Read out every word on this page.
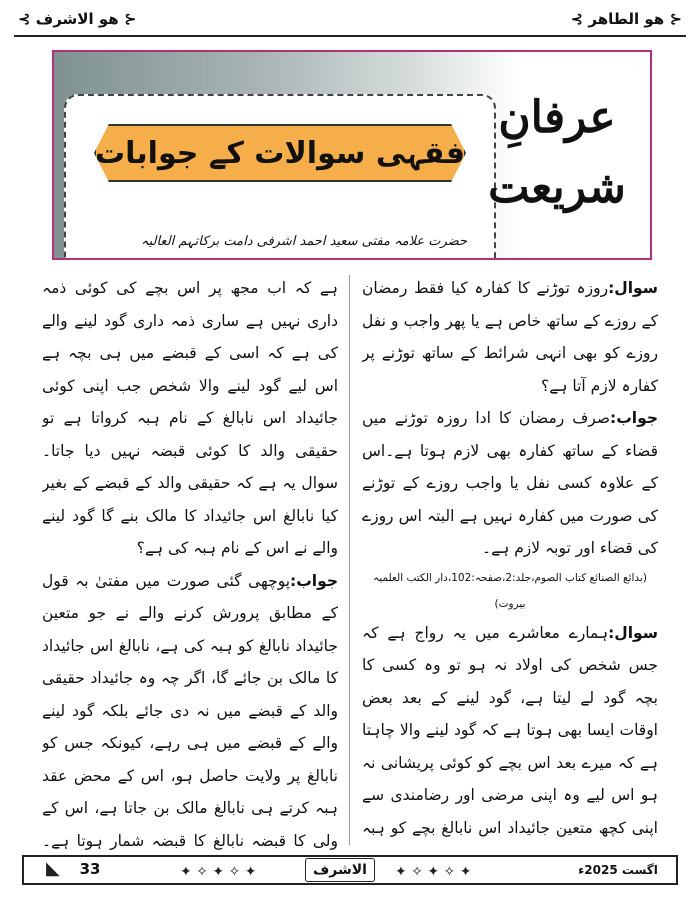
⊰ هو الطاھر ⊱
⊰ هو الاشرف ⊱
فقہی سوالات کے جوابات
عرفانِ
شریعت
حضرت علامہ مفتی سعید احمد اشرفی دامت برکاتہم العالیہ

سوال:روزہ توڑنے کا کفارہ کیا فقط رمضان کے روزے کے ساتھ خاص ہے یا پھر واجب و نفل روزے کو بھی انہی شرائط کے ساتھ توڑنے پر کفارہ لازم آتا ہے؟

جواب:صرف رمضان کا ادا روزہ توڑنے میں قضاء کے ساتھ کفارہ بھی لازم ہوتا ہے۔اس کے علاوہ کسی نفل یا واجب روزے کے توڑنے کی صورت میں کفارہ نہیں ہے البتہ اس روزے کی قضاء اور توبہ لازم ہے۔

(بدائع الصنائع کتاب الصوم،جلد:2،صفحہ:102،دار الکتب العلمیہ بیروت)

سوال:ہمارے معاشرے میں یہ رواج ہے کہ جس شخص کی اولاد نہ ہو تو وہ کسی کا بچہ گود لے لیتا ہے، گود لینے کے بعد بعض اوقات ایسا بھی ہوتا ہے کہ گود لینے والا چاہتا ہے کہ میرے بعد اس بچے کو کوئی پریشانی نہ ہو اس لیے وہ اپنی مرضی اور رضامندی سے اپنی کچھ متعین جائیداد اس نابالغ بچے کو ہبہ

ہے کہ اب مجھ پر اس بچے کی کوئی ذمہ داری نہیں ہے ساری ذمہ داری گود لینے والے کی ہے کہ اسی کے قبضے میں ہی بچہ ہے اس لیے گود لینے والا شخص جب اپنی کوئی جائیداد اس نابالغ کے نام ہبہ کرواتا ہے تو حقیقی والد کا کوئی قبضہ نہیں دیا جاتا۔سوال یہ ہے کہ حقیقی والد کے قبضے کے بغیر کیا نابالغ اس جائیداد کا مالک بنے گا گود لینے والے نے اس کے نام ہبہ کی ہے؟

جواب:پوچھی گئی صورت میں مفتیٰ بہ قول کے مطابق پرورش کرنے والے نے جو متعین جائیداد نابالغ کو ہبہ کی ہے، نابالغ اس جائیداد کا مالک بن جائے گا، اگر چہ وہ جائیداد حقیقی والد کے قبضے میں نہ دی جائے بلکہ گود لینے والے کے قبضے میں ہی رہے، کیونکہ جس کو نابالغ پر ولایت حاصل ہو، اس کے محض عقد ہبہ کرتے ہی نابالغ مالک بن جاتا ہے، اس کے ولی کا قبضہ نابالغ کا قبضہ شمار ہوتا ہے۔

33
◣	✦ ✧ ✦ ✧ ✦	✦ ✧ ✦ ✧ ✦
الاشرف	اگست 2025ء
